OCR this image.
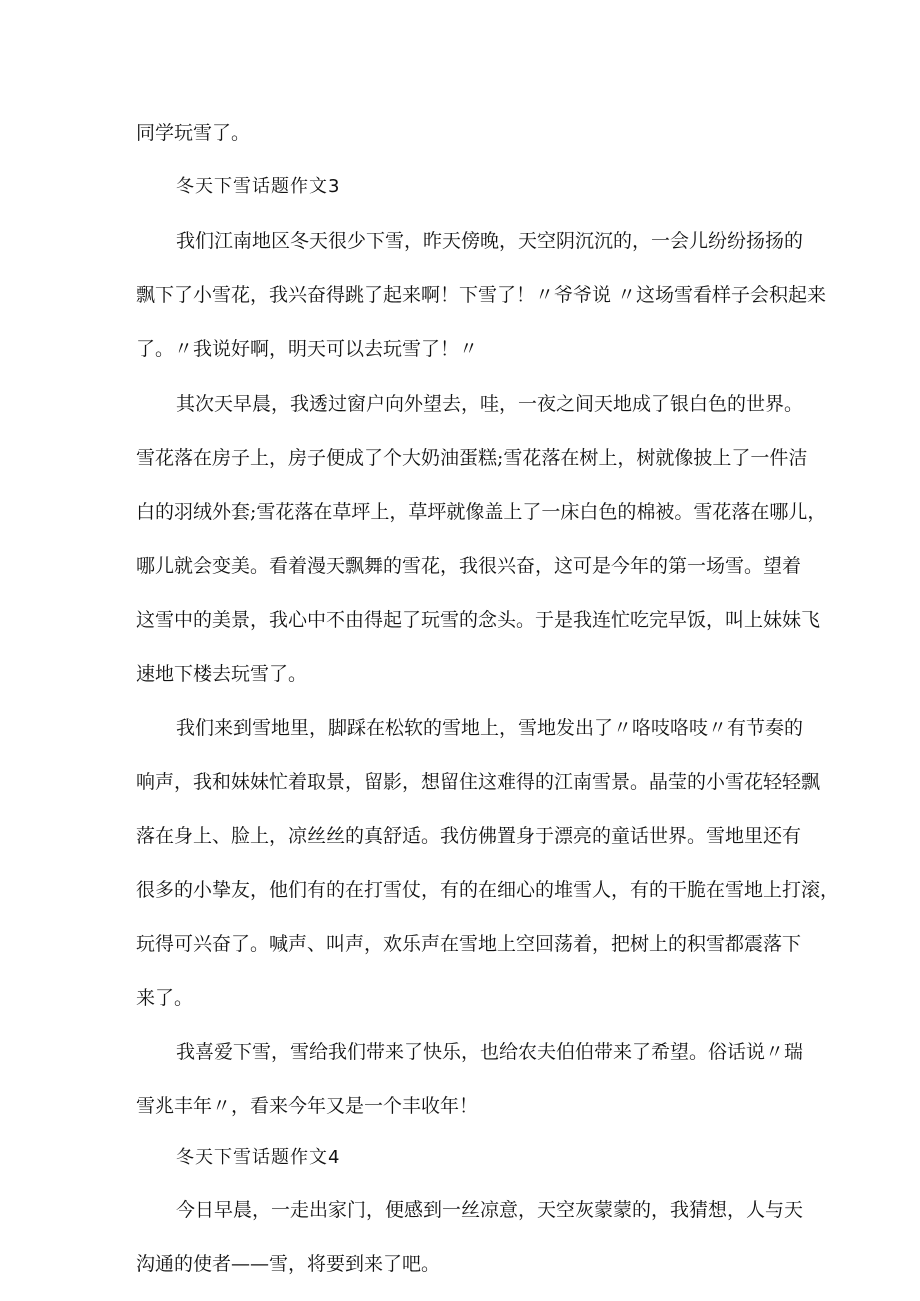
同学玩雪了。
冬天下雪话题作文3
我们江南地区冬天很少下雪，昨天傍晚，天空阴沉沉的，一会儿纷纷扬扬的
飘下了小雪花，我兴奋得跳了起来啊！下雪了！〃爷爷说 〃这场雪看样子会积起来
了。〃我说好啊，明天可以去玩雪了！〃
其次天早晨，我透过窗户向外望去，哇，一夜之间天地成了银白色的世界。
雪花落在房子上，房子便成了个大奶油蛋糕;雪花落在树上，树就像披上了一件洁
白的羽绒外套;雪花落在草坪上，草坪就像盖上了一床白色的棉被。雪花落在哪儿，
哪儿就会变美。看着漫天飘舞的雪花，我很兴奋，这可是今年的第一场雪。望着
这雪中的美景，我心中不由得起了玩雪的念头。于是我连忙吃完早饭，叫上妹妹飞
速地下楼去玩雪了。
我们来到雪地里，脚踩在松软的雪地上，雪地发出了〃咯吱咯吱〃有节奏的
响声，我和妹妹忙着取景，留影，想留住这难得的江南雪景。晶莹的小雪花轻轻飘
落在身上、脸上，凉丝丝的真舒适。我仿佛置身于漂亮的童话世界。雪地里还有
很多的小挚友，他们有的在打雪仗，有的在细心的堆雪人，有的干脆在雪地上打滚，
玩得可兴奋了。喊声、叫声，欢乐声在雪地上空回荡着，把树上的积雪都震落下
来了。
我喜爱下雪，雪给我们带来了快乐，也给农夫伯伯带来了希望。俗话说〃瑞
雪兆丰年〃，看来今年又是一个丰收年！
冬天下雪话题作文4
今日早晨，一走出家门，便感到一丝凉意，天空灰蒙蒙的，我猜想，人与天
沟通的使者——雪，将要到来了吧。
